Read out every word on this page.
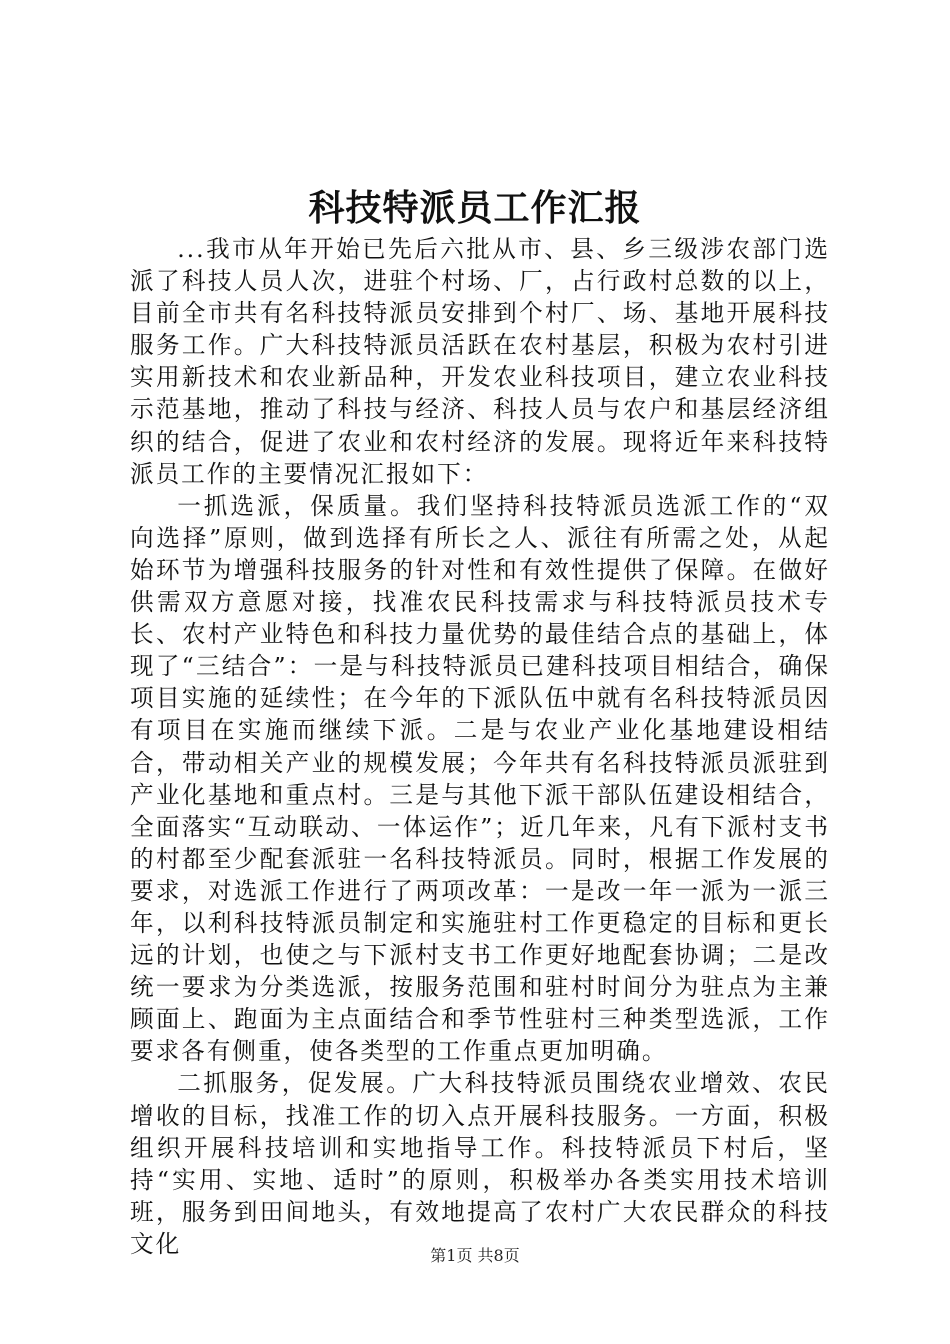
科技特派员工作汇报

...我市从年开始已先后六批从市、县、乡三级涉农部门选派了科技人员人次，进驻个村场、厂，占行政村总数的以上，目前全市共有名科技特派员安排到个村厂、场、基地开展科技服务工作。广大科技特派员活跃在农村基层，积极为农村引进实用新技术和农业新品种，开发农业科技项目，建立农业科技示范基地，推动了科技与经济、科技人员与农户和基层经济组织的结合，促进了农业和农村经济的发展。现将近年来科技特派员工作的主要情况汇报如下：

一抓选派，保质量。我们坚持科技特派员选派工作的“双向选择”原则，做到选择有所长之人、派往有所需之处，从起始环节为增强科技服务的针对性和有效性提供了保障。在做好供需双方意愿对接，找准农民科技需求与科技特派员技术专长、农村产业特色和科技力量优势的最佳结合点的基础上，体现了“三结合”：一是与科技特派员已建科技项目相结合，确保项目实施的延续性；在今年的下派队伍中就有名科技特派员因有项目在实施而继续下派。二是与农业产业化基地建设相结合，带动相关产业的规模发展；今年共有名科技特派员派驻到产业化基地和重点村。三是与其他下派干部队伍建设相结合，全面落实“互动联动、一体运作”；近几年来，凡有下派村支书的村都至少配套派驻一名科技特派员。同时，根据工作发展的要求，对选派工作进行了两项改革：一是改一年一派为一派三年，以利科技特派员制定和实施驻村工作更稳定的目标和更长远的计划，也使之与下派村支书工作更好地配套协调；二是改统一要求为分类选派，按服务范围和驻村时间分为驻点为主兼顾面上、跑面为主点面结合和季节性驻村三种类型选派，工作要求各有侧重，使各类型的工作重点更加明确。

二抓服务，促发展。广大科技特派员围绕农业增效、农民增收的目标，找准工作的切入点开展科技服务。一方面，积极组织开展科技培训和实地指导工作。科技特派员下村后，坚持“实用、实地、适时”的原则，积极举办各类实用技术培训班，服务到田间地头，有效地提高了农村广大农民群众的科技文化	第1页 共8页
